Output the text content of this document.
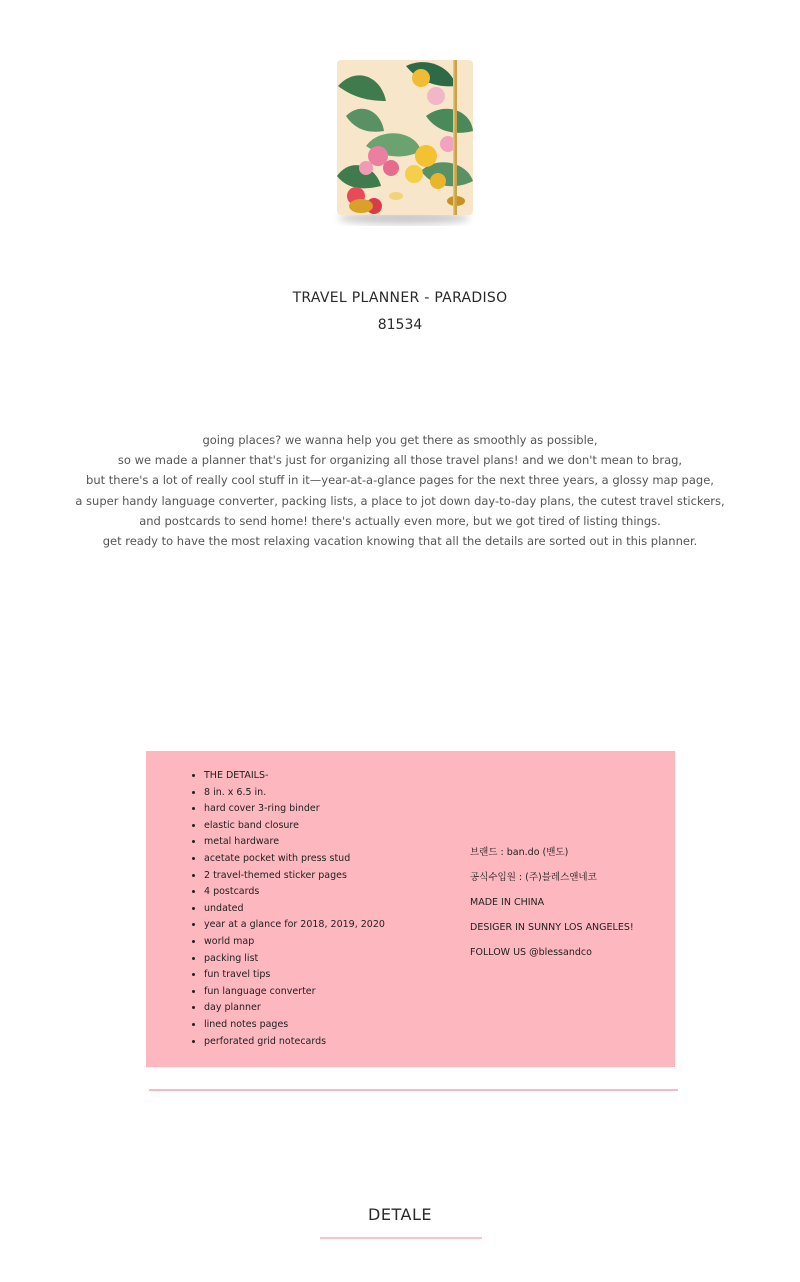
TRAVEL PLANNER - PARADISO
81534

going places? we wanna help you get there as smoothly as possible,

so we made a planner that's just for organizing all those travel plans! and we don't mean to brag,

but there's a lot of really cool stuff in it—year-at-a-glance pages for the next three years, a glossy map page,

a super handy language converter, packing lists, a place to jot down day-to-day plans, the cutest travel stickers,

and postcards to send home! there's actually even more, but we got tired of listing things.

get ready to have the most relaxing vacation knowing that all the details are sorted out in this planner.

• THE DETAILS-
• 8 in. x 6.5 in.
• hard cover 3-ring binder
• elastic band closure
• metal hardware
• acetate pocket with press stud
• 2 travel-themed sticker pages
• 4 postcards
• undated
• year at a glance for 2018, 2019, 2020
• world map
• packing list
• fun travel tips
• fun language converter
• day planner
• lined notes pages
• perforated grid notecards
브랜드 : ban.do (밴도)
공식수입원 : (주)블레스앤네코
MADE IN CHINA
DESIGER IN SUNNY LOS ANGELES!
FOLLOW US @blessandco
DETALE
